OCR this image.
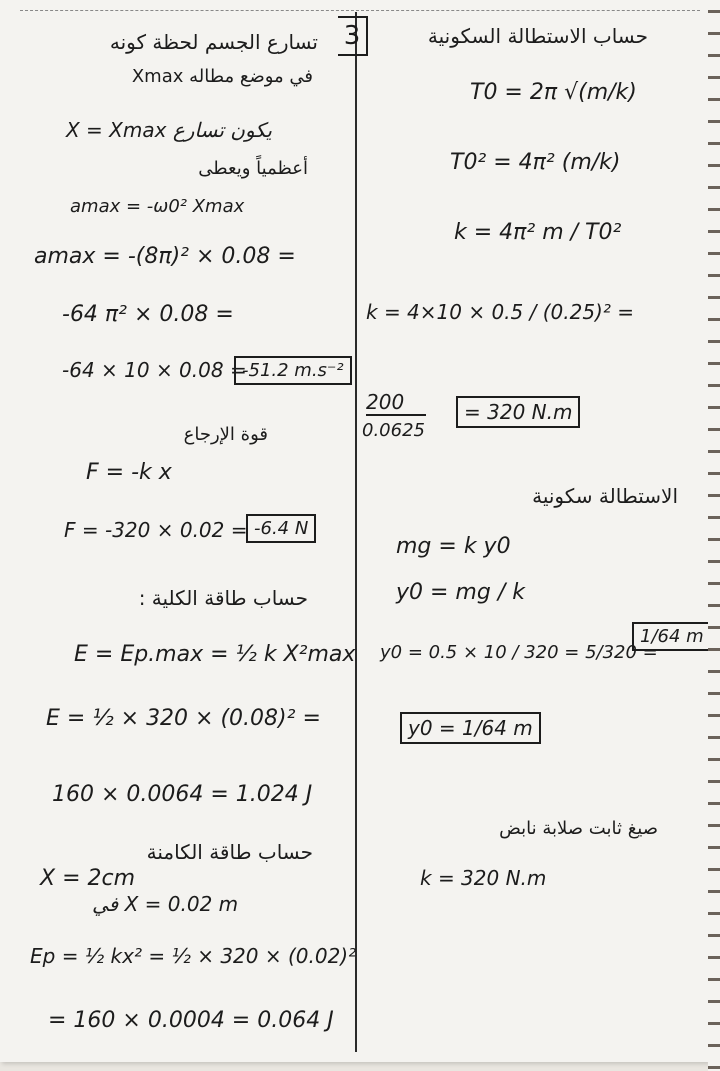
3
تسارع الجسم لحظة كونه
في موضع مطاله Xmax
X = Xmax يكون تسارع
أعظمياً ويعطى
amax = -ω0² Xmax
amax = -(8π)² × 0.08 =
-64 π² × 0.08 =
-64 × 10 × 0.08 =
-51.2 m.s⁻²
قوة الإرجاع
F = -k x
F = -320 × 0.02 = -6.4 N
حساب طاقة الكلية :
E = Ep.max = ½ k X²max
E = ½ × 320 × (0.08)² =
160 × 0.0064 = 1.024 J
حساب طاقة الكامنة
X = 2cm
في X = 0.02 m
Ep = ½ kx² = ½ × 320 × (0.02)²
= 160 × 0.0004 = 0.064 J
حساب الاستطالة السكونية
T0 = 2π √(m/k)
T0² = 4π² (m/k)
k = 4π² m / T0²
k = 4×10 × 0.5 / (0.25)² =
200
0.0625
= 320 N.m
الاستطالة سكونية
mg = k y0
y0 = mg / k
y0 = 0.5 × 10 / 320 = 5/320 =
1/64 m
y0 = 1/64 m
صيغ ثابت صلابة نابض
k = 320 N.m
